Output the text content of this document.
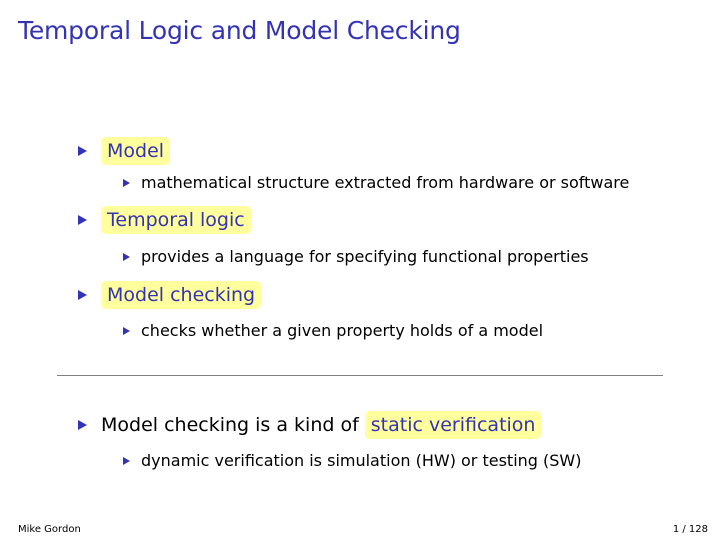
Temporal Logic and Model Checking
Model
mathematical structure extracted from hardware or software
Temporal logic
provides a language for specifying functional properties
Model checking
checks whether a given property holds of a model
Model checking is a kind of static verification
dynamic verification is simulation (HW) or testing (SW)
Mike Gordon	1 / 128
